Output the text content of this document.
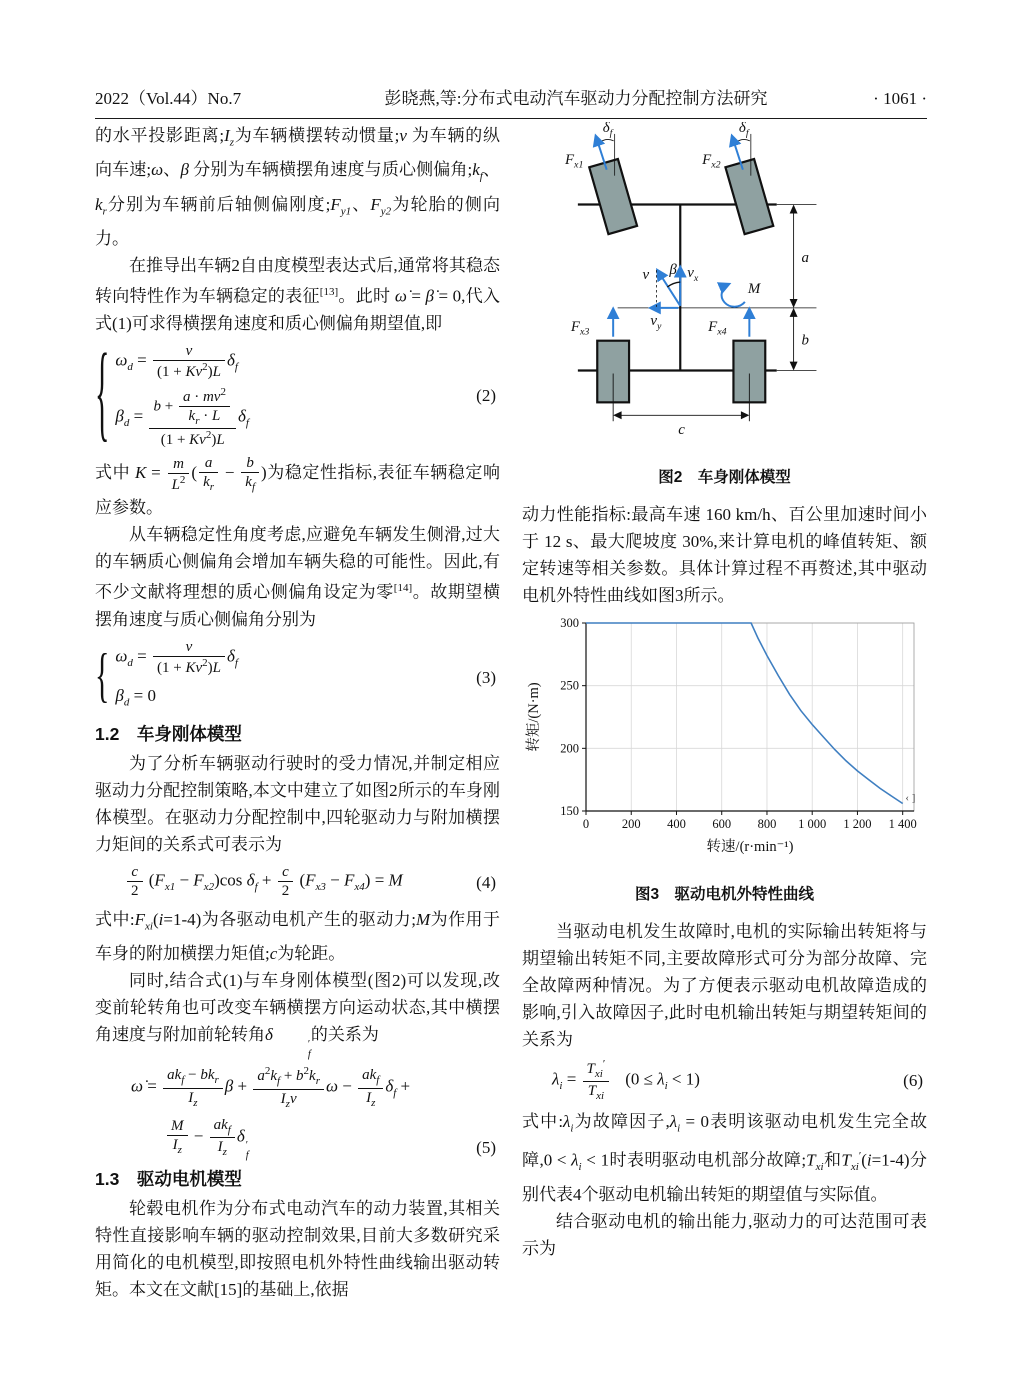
2022（Vol.44）No.7	彭晓燕,等:分布式电动汽车驱动力分配控制方法研究	· 1061 ·

的水平投影距离$;I_z$为车辆横摆转动惯量;v 为车辆的纵向车速;ω、β 分别为车辆横摆角速度与质心侧偏角$;k_f$、$k_r$分别为车辆前后轴侧偏刚度$;F_{y1}$、$F_{y2}$为轮胎的侧向力。

在推导出车辆2自由度模型表达式后,通常将其稳态转向特性作为车辆稳定的表征[13]。此时 ω̇ = β̇ = 0,代入式(1)可求得横摆角速度和质心侧偏角期望值,即

{ $\omega_d = \frac{v}{(1 + Kv^2)L} \delta_f$
$\beta_d = \frac{b + \frac{a \cdot mv^2}{k_r \cdot L}}{(1 + Kv^2)L} \delta_f$
(2)

式中 $K = \frac{m}{L^2}$ ( $\frac{a}{k_r} - \frac{b}{k_f}$ )为稳定性指标,表征车辆稳定响应参数。

从车辆稳定性角度考虑,应避免车辆发生侧滑,过大的车辆质心侧偏角会增加车辆失稳的可能性。因此,有不少文献将理想的质心侧偏角设定为零[14]。故期望横摆角速度与质心侧偏角分别为

{ $\omega_d = \frac{v}{(1 + Kv^2)L} \delta_f$
$\beta_d = 0$
(3)
1.2　车身刚体模型

为了分析车辆驱动行驶时的受力情况,并制定相应驱动力分配控制策略,本文中建立了如图2所示的车身刚体模型。在驱动力分配控制中,四轮驱动力与附加横摆力矩间的关系式可表示为

$\frac{c}{2} (F_{x1} - F_{x2})\cos$ $\delta_f + \frac{c}{2} (F_{x3} - F_{x4}) = M$	(4)

式中$:F_{xi}(i=1-4)$为各驱动电机产生的驱动力;M为作用于车身的附加横摆力矩值;c为轮距。

同时,结合式(1)与车身刚体模型(图2)可以发现,改变前轮转角也可改变车辆横摆方向运动状态,其中横摆角速度与附加前轮转角δ
′
f
的关系为

ω̇ = $\frac{ak_f - bk_r}{I_z}$ $\beta + \frac{a^2k_f + b^2k_r}{I_zv}$ $\omega - \frac{ak_f}{I_z} \delta_f$ +
$\frac{M}{I_z} - \frac{ak_f}{I_z}$ δ
′
f	(5)
1.3　驱动电机模型

轮毂电机作为分布式电动汽车的动力装置,其相关特性直接影响车辆的驱动控制效果,目前大多数研究采用简化的电机模型,即按照电机外特性曲线输出驱动转矩。本文在文献[15]的基础上,依据

$\delta_f$	$\delta_f$
$F_{x1}$	$F_{x2}$
$F_{x3}$	$F_{x4}$
v β $v_x$
$v_y$
M
a
b
c
图2　车身刚体模型

动力性能指标:最高车速 160 km/h、百公里加速时间小于 12 s、最大爬坡度 30%,来计算电机的峰值转矩、额定转速等相关参数。具体计算过程不再赘述,其中驱动电机外特性曲线如图3所示。

0	200 400 600 800 1 000 1 200 1 400
150
200
250
300
转速/(r·min⁻¹)
转矩/(N·m)
‹ ]
图3　驱动电机外特性曲线

当驱动电机发生故障时,电机的实际输出转矩将与期望输出转矩不同,主要故障形式可分为部分故障、完全故障两种情况。为了方便表示驱动电机故障造成的影响,引入故障因子,此时电机输出转矩与期望转矩间的关系为

$\lambda_i = \frac{T_{xi}'}{T_{xi}} (0 \le \lambda_i < 1)$	(6)

式中$:\lambda_i$为故障因子$,\lambda_i = 0$表明该驱动电机发生完全故障$,0 < \lambda_i < 1$时表明驱动电机部分故障$;T_{xi}$和$T_{xi}'(i=1-4)$分别代表4个驱动电机输出转矩的期望值与实际值。

结合驱动电机的输出能力,驱动力的可达范围可表示为
